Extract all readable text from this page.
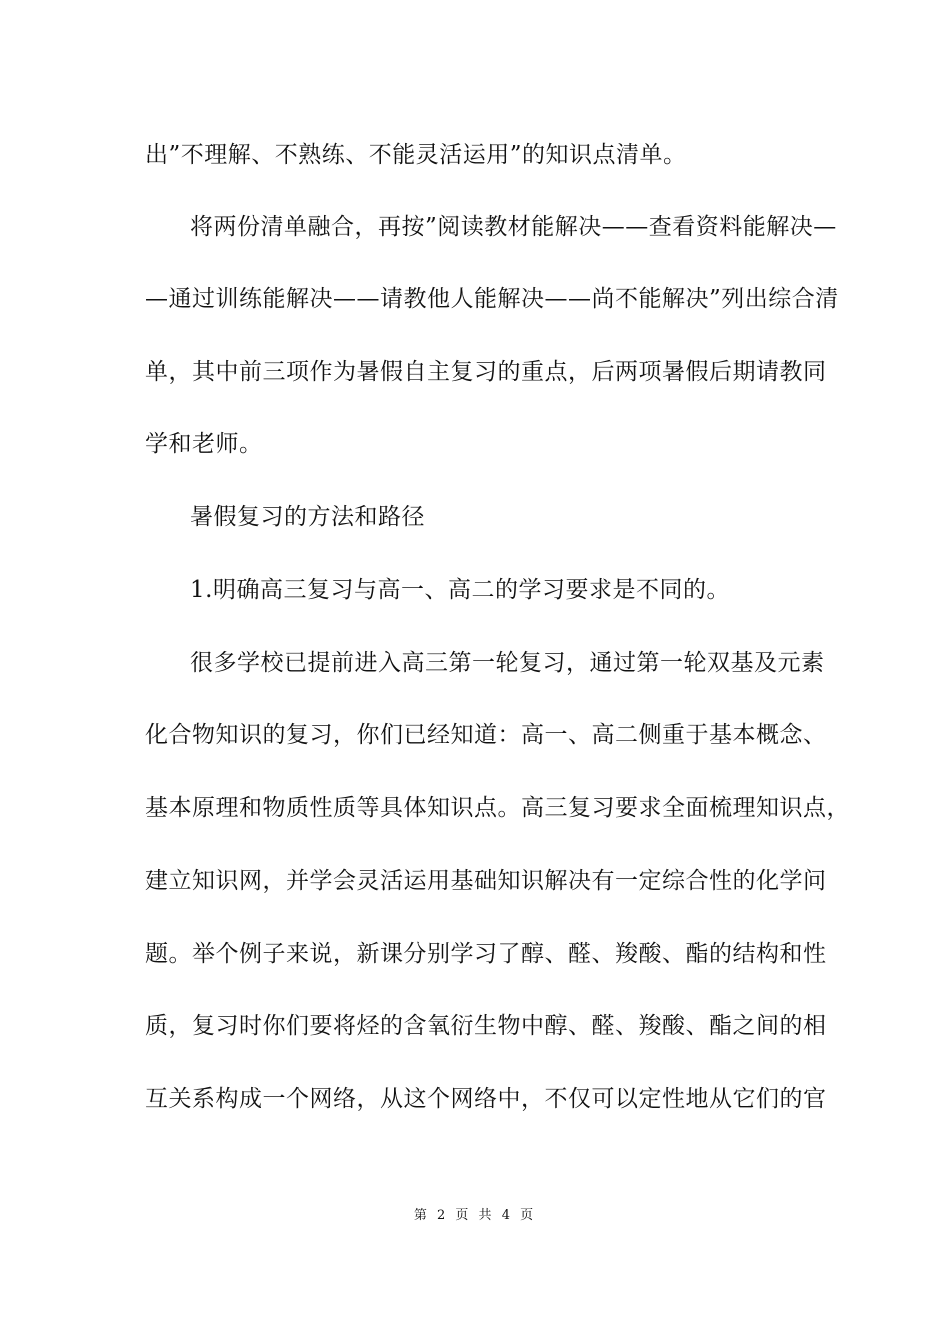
出”不理解、不熟练、不能灵活运用”的知识点清单。
将两份清单融合，再按”阅读教材能解决——查看资料能解决—
—通过训练能解决——请教他人能解决——尚不能解决”列出综合清
单，其中前三项作为暑假自主复习的重点，后两项暑假后期请教同
学和老师。
暑假复习的方法和路径
1.明确高三复习与高一、高二的学习要求是不同的。
很多学校已提前进入高三第一轮复习，通过第一轮双基及元素
化合物知识的复习，你们已经知道：高一、高二侧重于基本概念、
基本原理和物质性质等具体知识点。高三复习要求全面梳理知识点，
建立知识网，并学会灵活运用基础知识解决有一定综合性的化学问
题。举个例子来说，新课分别学习了醇、醛、羧酸、酯的结构和性
质，复习时你们要将烃的含氧衍生物中醇、醛、羧酸、酯之间的相
互关系构成一个网络，从这个网络中，不仅可以定性地从它们的官
第 2 页 共 4 页
